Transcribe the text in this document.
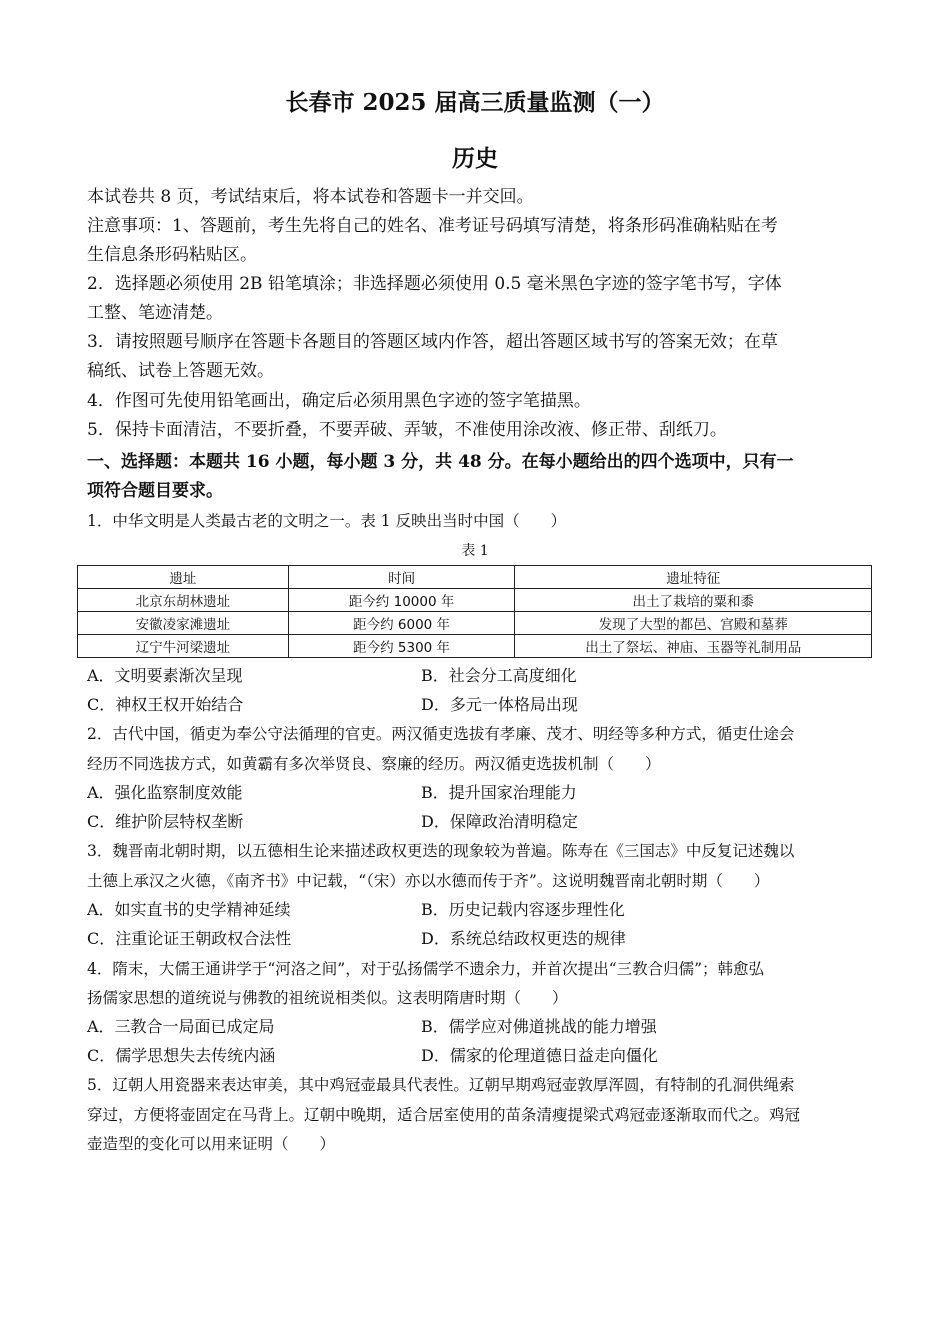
长春市 2025 届高三质量监测（一）
历史
本试卷共 8 页，考试结束后，将本试卷和答题卡一并交回。
注意事项：1、答题前，考生先将自己的姓名、准考证号码填写清楚，将条形码准确粘贴在考
生信息条形码粘贴区。
2．选择题必须使用 2B 铅笔填涂；非选择题必须使用 0.5 毫米黑色字迹的签字笔书写，字体
工整、笔迹清楚。
3．请按照题号顺序在答题卡各题目的答题区域内作答，超出答题区域书写的答案无效；在草
稿纸、试卷上答题无效。
4．作图可先使用铅笔画出，确定后必须用黑色字迹的签字笔描黑。
5．保持卡面清洁，不要折叠，不要弄破、弄皱，不准使用涂改液、修正带、刮纸刀。
一、选择题：本题共 16 小题，每小题 3 分，共 48 分。在每小题给出的四个选项中，只有一
项符合题目要求。
1．中华文明是人类最古老的文明之一。表 1 反映出当时中国（　　）
表 1
遗址	时间	遗址特征
北京东胡林遗址	距今约 10000 年	出土了栽培的粟和黍
安徽凌家滩遗址	距今约 6000 年	发现了大型的都邑、宫殿和墓葬
辽宁牛河梁遗址	距今约 5300 年	出土了祭坛、神庙、玉器等礼制用品
A．文明要素渐次呈现	B．社会分工高度细化
C．神权王权开始结合	D．多元一体格局出现
2．古代中国，循吏为奉公守法循理的官吏。两汉循吏选拔有孝廉、茂才、明经等多种方式，循吏仕途会
经历不同选拔方式，如黄霸有多次举贤良、察廉的经历。两汉循吏选拔机制（　　）
A．强化监察制度效能	B．提升国家治理能力
C．维护阶层特权垄断	D．保障政治清明稳定
3．魏晋南北朝时期，以五德相生论来描述政权更迭的现象较为普遍。陈寿在《三国志》中反复记述魏以
土德上承汉之火德，《南齐书》中记载，“（宋）亦以水德而传于齐”。这说明魏晋南北朝时期（　　）
A．如实直书的史学精神延续	B．历史记载内容逐步理性化
C．注重论证王朝政权合法性	D．系统总结政权更迭的规律
4．隋末，大儒王通讲学于“河洛之间”，对于弘扬儒学不遗余力，并首次提出“三教合归儒”；韩愈弘
扬儒家思想的道统说与佛教的祖统说相类似。这表明隋唐时期（　　）
A．三教合一局面已成定局	B．儒学应对佛道挑战的能力增强
C．儒学思想失去传统内涵	D．儒家的伦理道德日益走向僵化
5．辽朝人用瓷器来表达审美，其中鸡冠壶最具代表性。辽朝早期鸡冠壶敦厚浑圆，有特制的孔洞供绳索
穿过，方便将壶固定在马背上。辽朝中晚期，适合居室使用的苗条清瘦提梁式鸡冠壶逐渐取而代之。鸡冠
壶造型的变化可以用来证明（　　）
